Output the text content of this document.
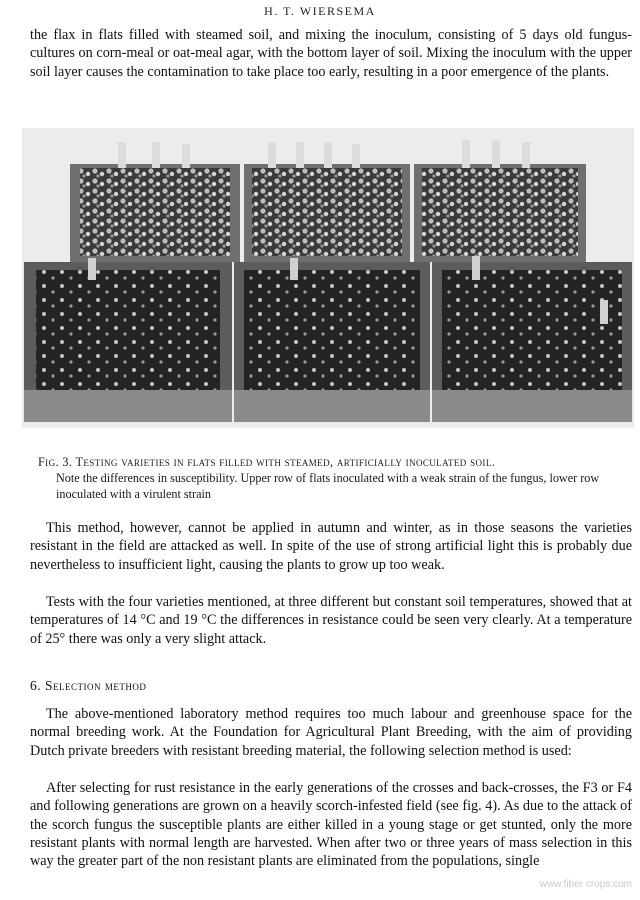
H. T. WIERSEMA

the flax in flats filled with steamed soil, and mixing the inoculum, consisting of 5 days old fungus-cultures on corn-meal or oat-meal agar, with the bottom layer of soil. Mixing the inoculum with the upper soil layer causes the contamination to take place too early, resulting in a poor emergence of the plants.

Fig. 3. Testing varieties in flats filled with steamed, artificially inoculated soil.
Note the differences in susceptibility. Upper row of flats inoculated with a weak strain of the fungus, lower row inoculated with a virulent strain

This method, however, cannot be applied in autumn and winter, as in those seasons the varieties resistant in the field are attacked as well. In spite of the use of strong artificial light this is probably due nevertheless to insufficient light, causing the plants to grow up too weak.

Tests with the four varieties mentioned, at three different but constant soil temperatures, showed that at temperatures of 14 °C and 19 °C the differences in resistance could be seen very clearly. At a temperature of 25° there was only a very slight attack.

6. Selection method

The above-mentioned laboratory method requires too much labour and greenhouse space for the normal breeding work. At the Foundation for Agricultural Plant Breeding, with the aim of providing Dutch private breeders with resistant breeding material, the following selection method is used:

After selecting for rust resistance in the early generations of the crosses and back-crosses, the F3 or F4 and following generations are grown on a heavily scorch-infested field (see fig. 4). As due to the attack of the scorch fungus the susceptible plants are either killed in a young stage or get stunted, only the more resistant plants with normal length are harvested. When after two or three years of mass selection in this way the greater part of the non resistant plants are eliminated from the populations, single

www.fiber crops.com
